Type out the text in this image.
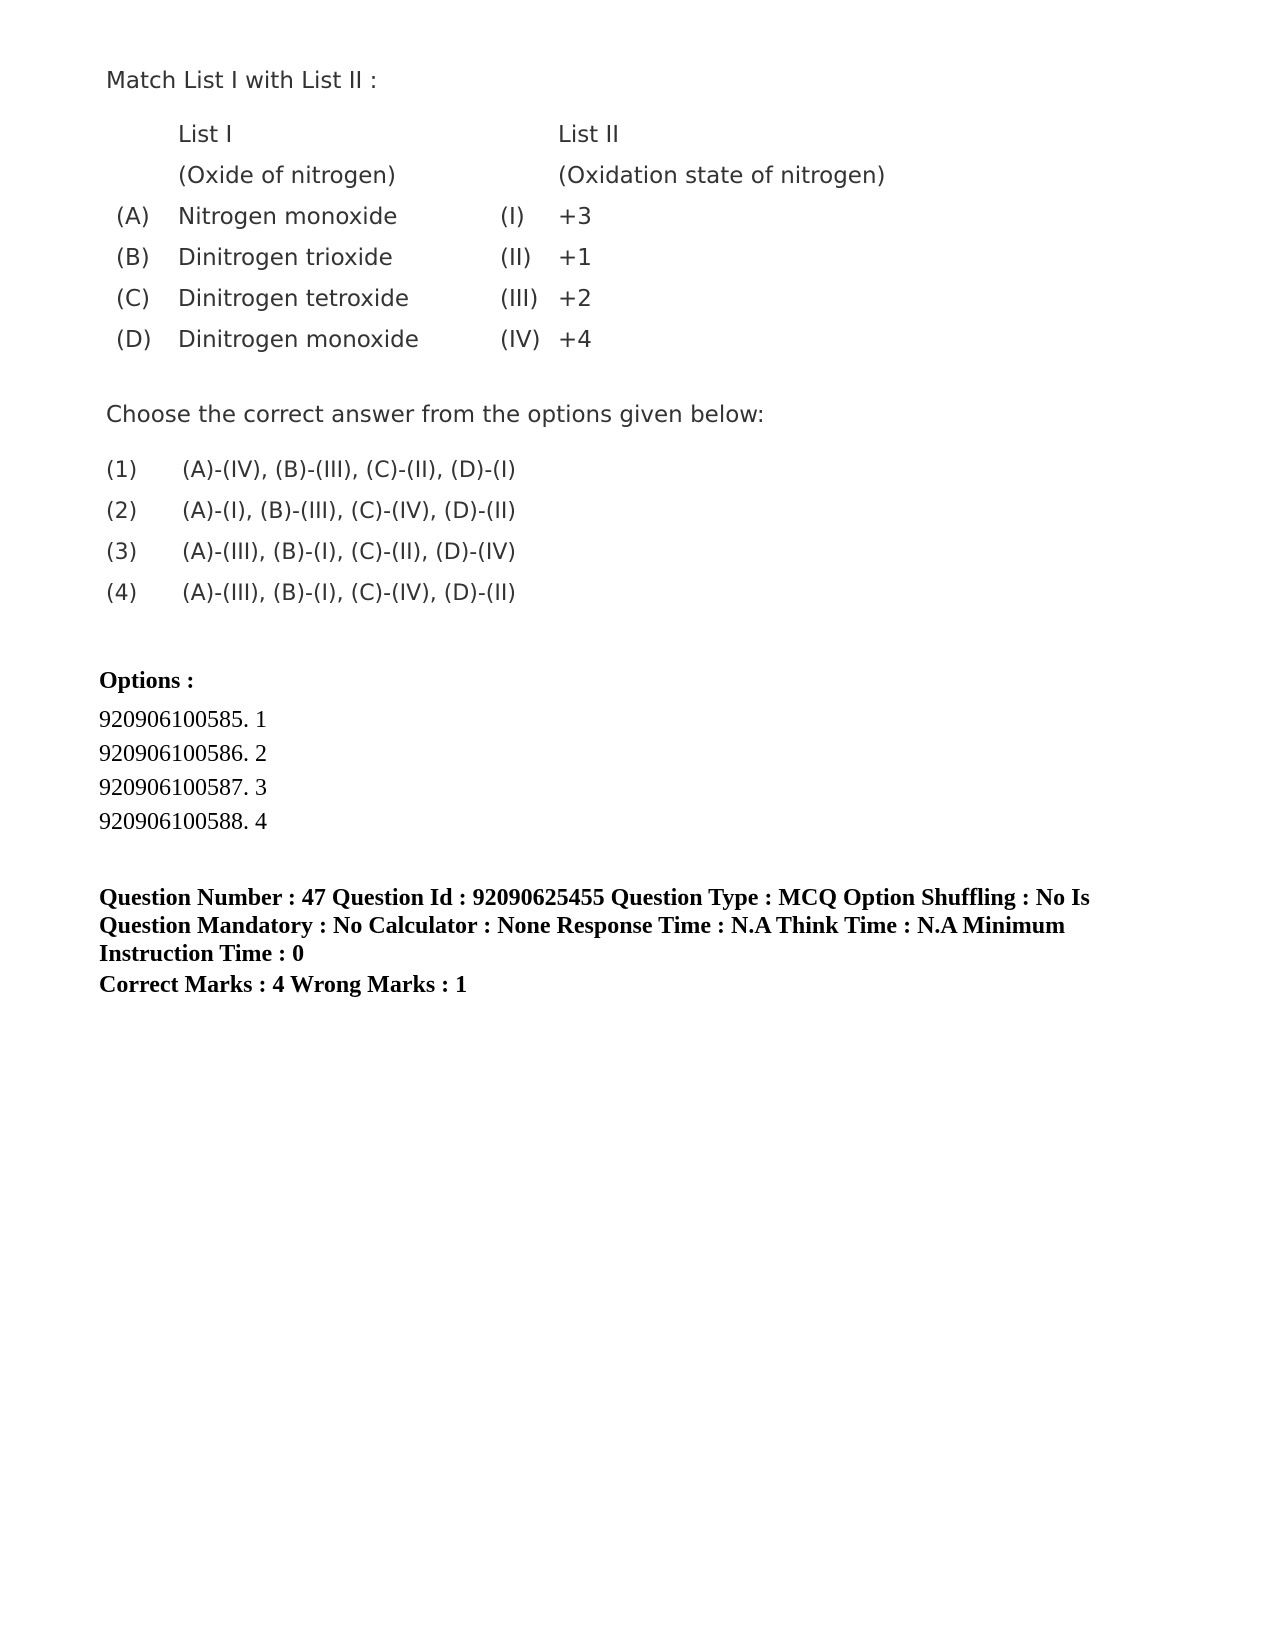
Match List I with List II :
List I	List II
(Oxide of nitrogen)	(Oxidation state of nitrogen)
(A) Nitrogen monoxide	(I) +3
(B) Dinitrogen trioxide	(II) +1
(C) Dinitrogen tetroxide	(III) +2
(D) Dinitrogen monoxide	(IV) +4
Choose the correct answer from the options given below:
(1) (A)-(IV), (B)-(III), (C)-(II), (D)-(I)
(2) (A)-(I), (B)-(III), (C)-(IV), (D)-(II)
(3) (A)-(III), (B)-(I), (C)-(II), (D)-(IV)
(4) (A)-(III), (B)-(I), (C)-(IV), (D)-(II)
Options :
920906100585. 1
920906100586. 2
920906100587. 3
920906100588. 4
Question Number : 47 Question Id : 92090625455 Question Type : MCQ Option Shuffling : No Is Question Mandatory : No Calculator : None Response Time : N.A Think Time : N.A Minimum Instruction Time : 0
Correct Marks : 4 Wrong Marks : 1
